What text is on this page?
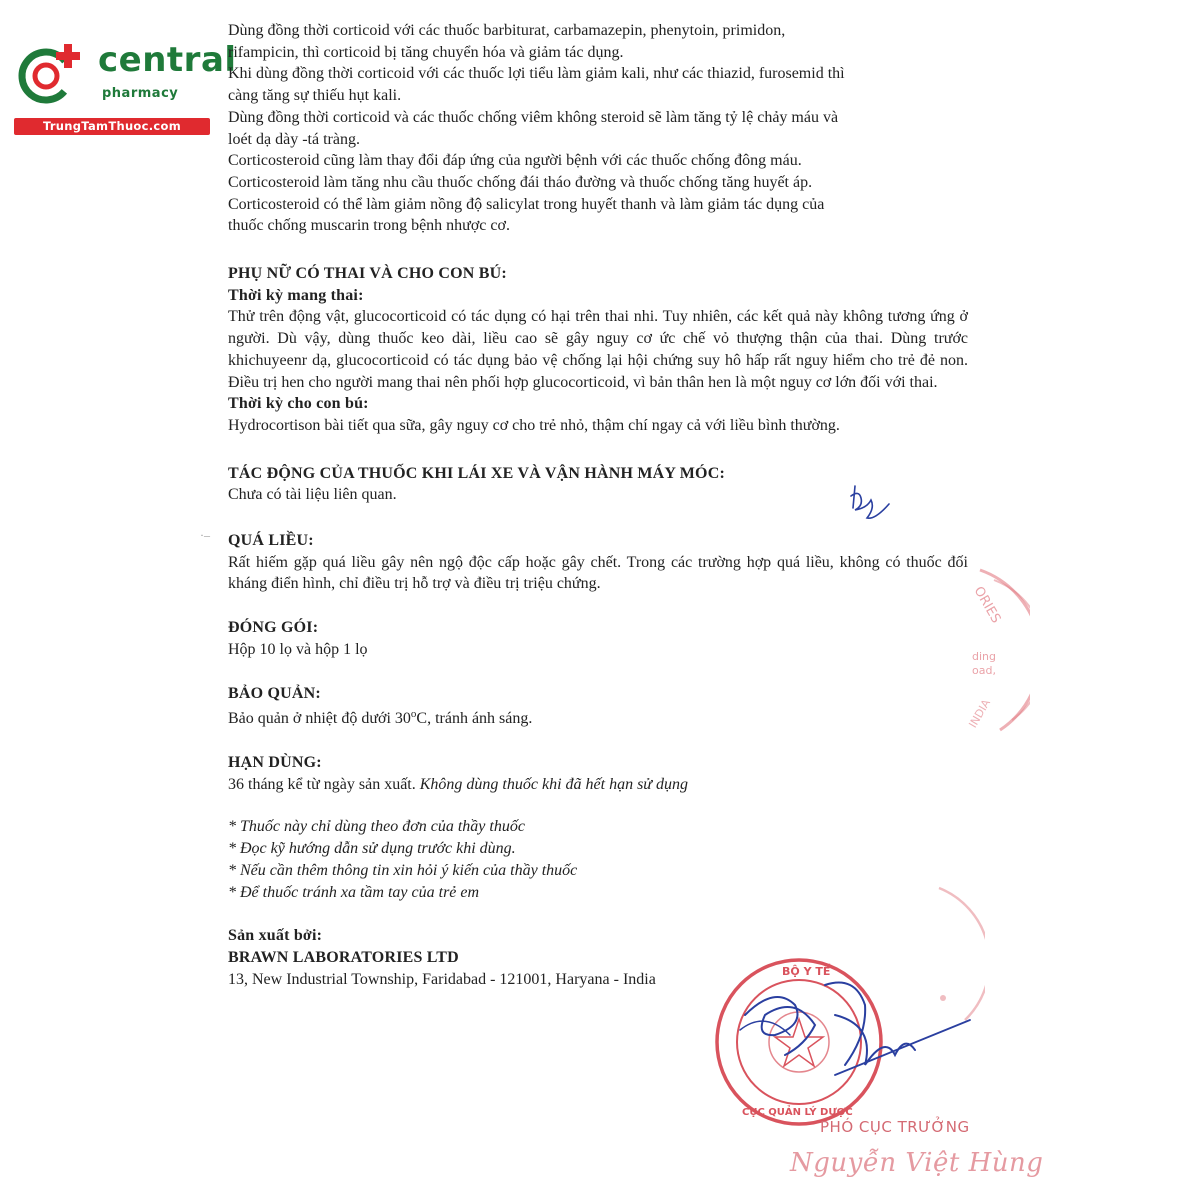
central
pharmacy
TrungTamThuoc.com

Dùng đồng thời corticoid với các thuốc barbiturat, carbamazepin, phenytoin, primidon,

rifampicin, thì corticoid bị tăng chuyển hóa và giảm tác dụng.

Khi dùng đồng thời corticoid với các thuốc lợi tiểu làm giảm kali, như các thiazid, furosemid thì

càng tăng sự thiếu hụt kali.

Dùng đồng thời corticoid và các thuốc chống viêm không steroid sẽ làm tăng tỷ lệ chảy máu và

loét dạ dày -tá tràng.

Corticosteroid cũng làm thay đổi đáp ứng của người bệnh với các thuốc chống đông máu.

Corticosteroid làm tăng nhu cầu thuốc chống đái tháo đường và thuốc chống tăng huyết áp.

Corticosteroid có thể làm giảm nồng độ salicylat trong huyết thanh và làm giảm tác dụng của

thuốc chống muscarin trong bệnh nhược cơ.

PHỤ NỮ CÓ THAI VÀ CHO CON BÚ:

Thời kỳ mang thai:

Thử trên động vật, glucocorticoid có tác dụng có hại trên thai nhi. Tuy nhiên, các kết quả này không tương ứng ở người. Dù vậy, dùng thuốc keo dài, liều cao sẽ gây nguy cơ ức chế vỏ thượng thận của thai. Dùng trước khichuyeenr dạ, glucocorticoid có tác dụng bảo vệ chống lại hội chứng suy hô hấp rất nguy hiểm cho trẻ đẻ non. Điều trị hen cho người mang thai nên phối hợp glucocorticoid, vì bản thân hen là một nguy cơ lớn đối với thai.

Thời kỳ cho con bú:

Hydrocortison bài tiết qua sữa, gây nguy cơ cho trẻ nhỏ, thậm chí ngay cả với liều bình thường.

TÁC ĐỘNG CỦA THUỐC KHI LÁI XE VÀ VẬN HÀNH MÁY MÓC:

Chưa có tài liệu liên quan.

QUÁ LIỀU:

Rất hiếm gặp quá liều gây nên ngộ độc cấp hoặc gây chết. Trong các trường hợp quá liều, không có thuốc đối kháng điển hình, chỉ điều trị hỗ trợ và điều trị triệu chứng.

ĐÓNG GÓI:

Hộp 10 lọ và hộp 1 lọ

BẢO QUẢN:

Bảo quản ở nhiệt độ dưới 30$^o$C, tránh ánh sáng.

HẠN DÙNG:

36 tháng kể từ ngày sản xuất. Không dùng thuốc khi đã hết hạn sử dụng

* Thuốc này chỉ dùng theo đơn của thầy thuốc

* Đọc kỹ hướng dẫn sử dụng trước khi dùng.

* Nếu cần thêm thông tin xin hỏi ý kiến của thầy thuốc

* Để thuốc tránh xa tầm tay của trẻ em

Sản xuất bởi:

BRAWN LABORATORIES LTD

13, New Industrial Township, Faridabad - 121001, Haryana - India

·–
ORIES
ding
oad,
INDIA
BỘ Y TẾ
CỤC QUẢN LÝ DƯỢC
PHÓ CỤC TRƯỞNG
Nguyễn Việt Hùng
